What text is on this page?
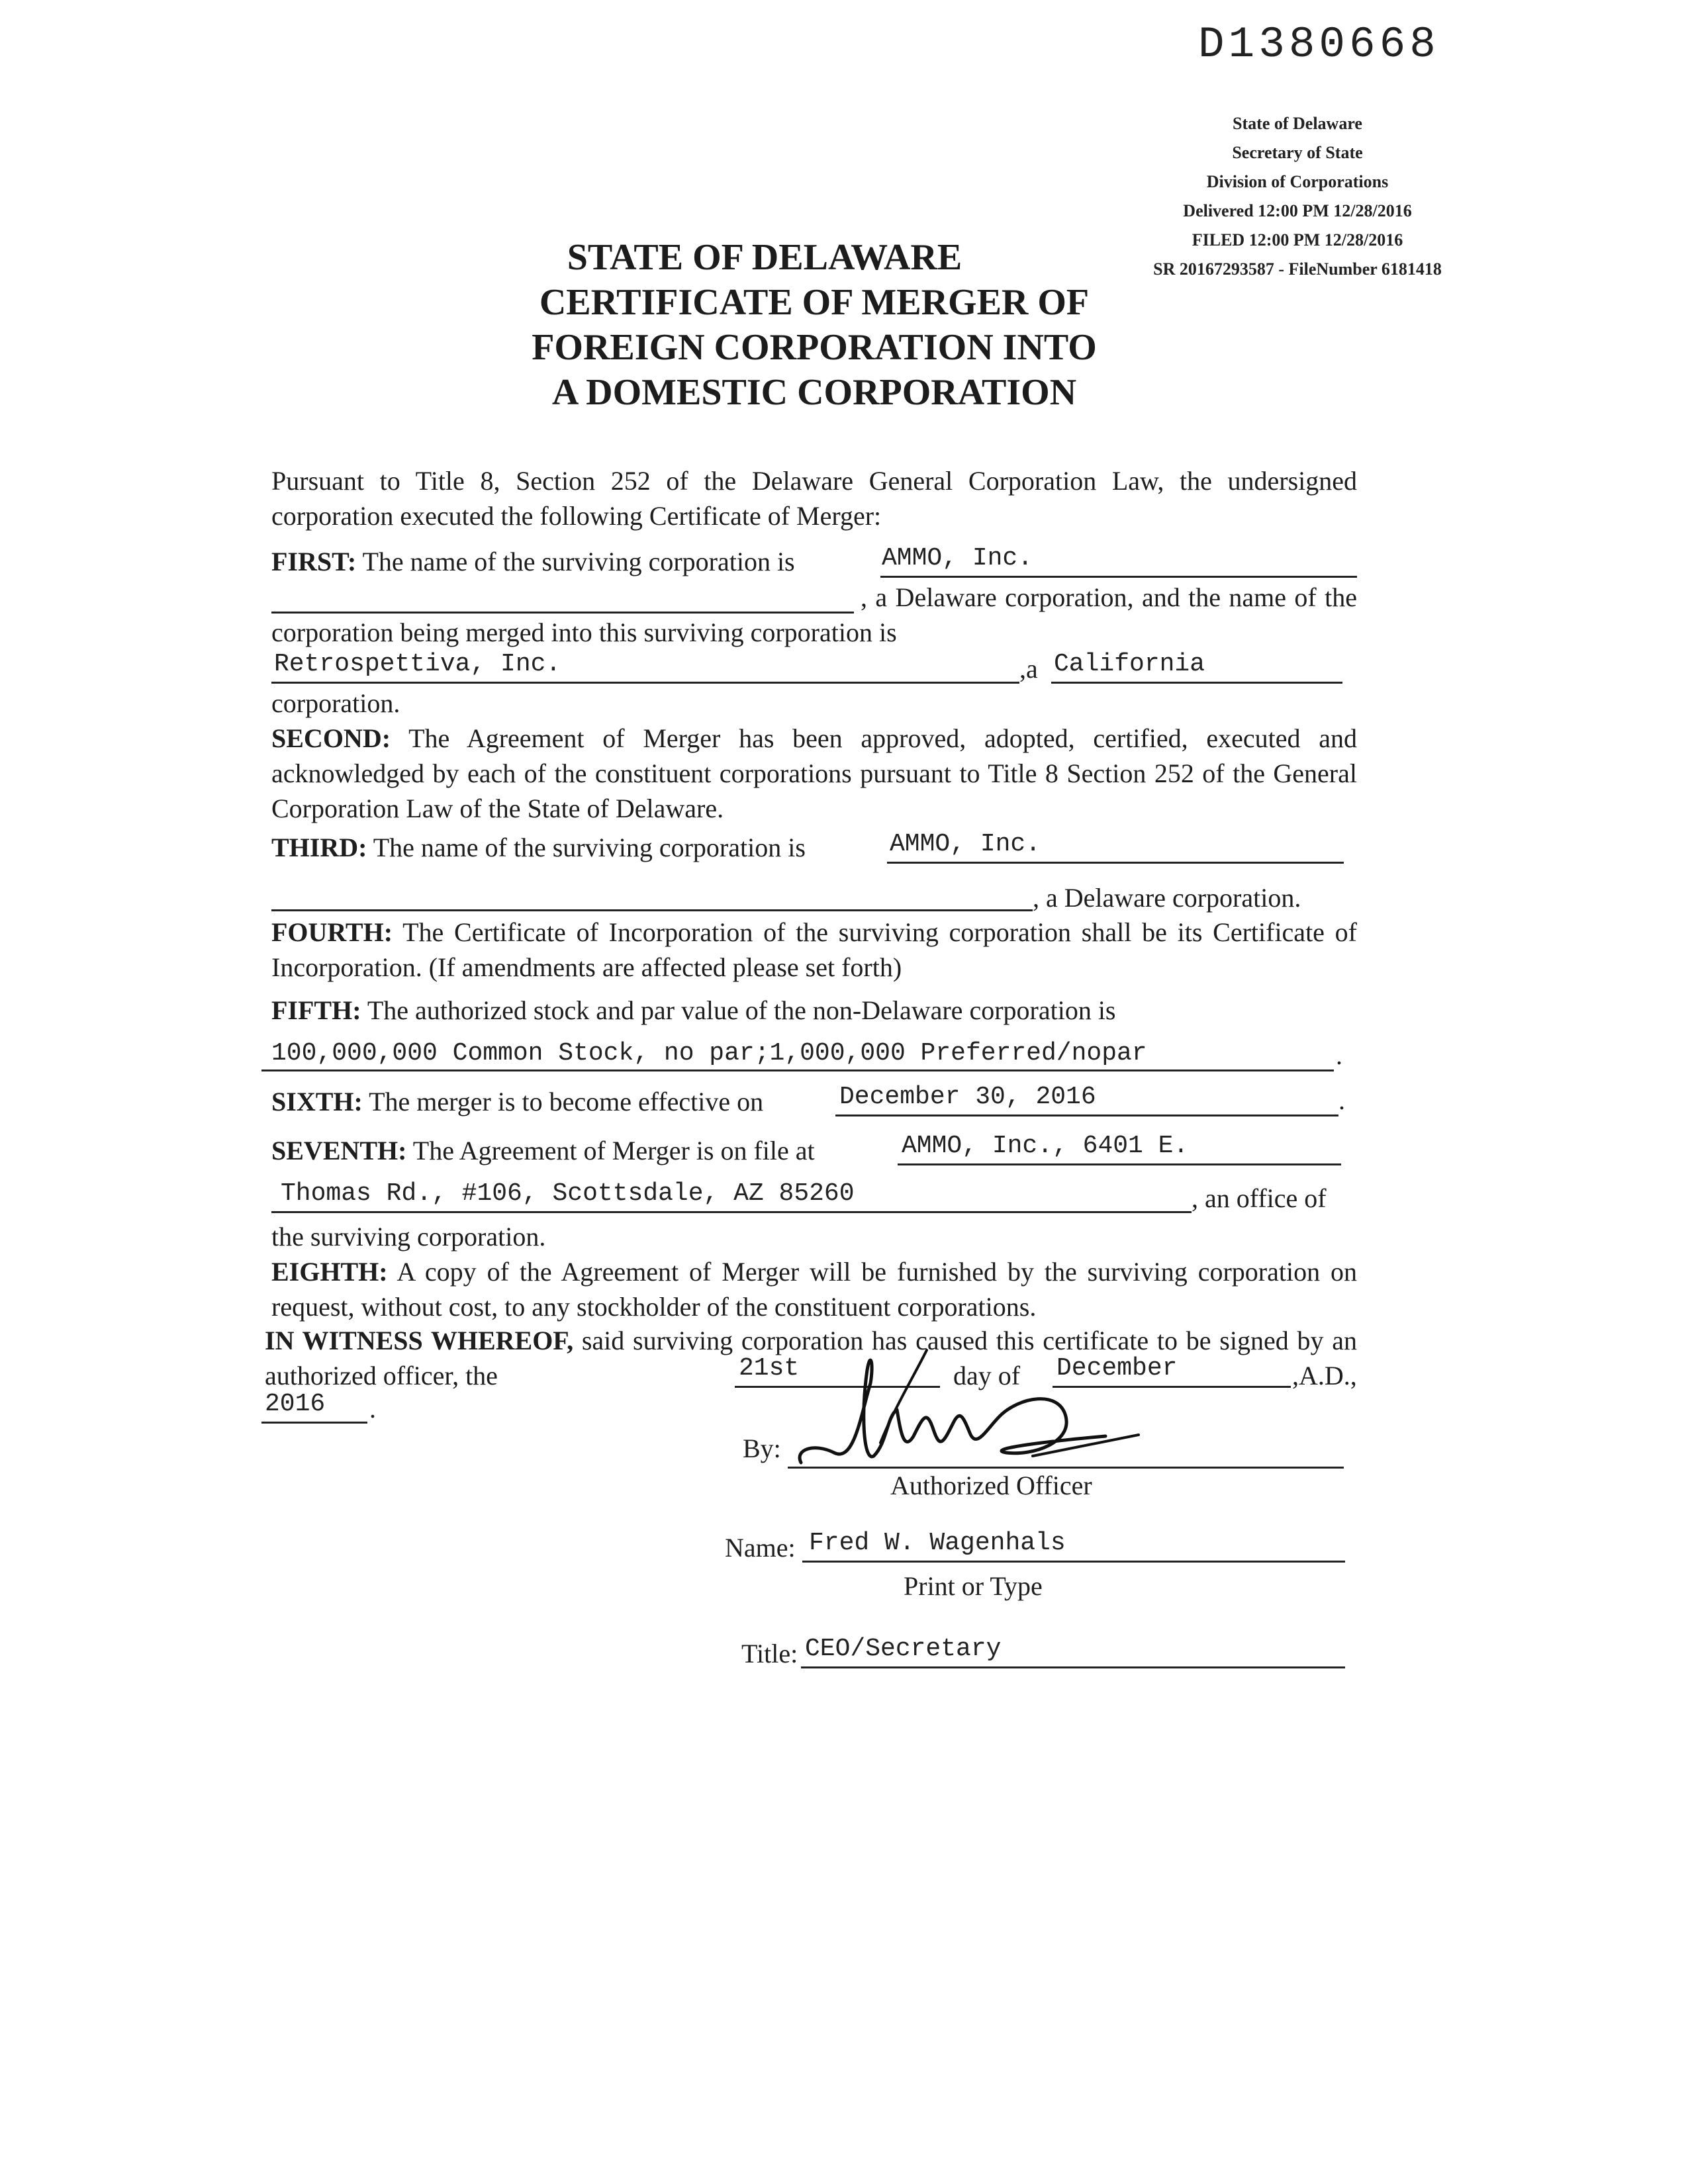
D1380668
State of Delaware
Secretary of State
Division of Corporations
Delivered 12:00 PM 12/28/2016
FILED 12:00 PM 12/28/2016
SR 20167293587 - FileNumber 6181418
STATE OF DELAWARE
CERTIFICATE OF MERGER OF
FOREIGN CORPORATION INTO
A DOMESTIC CORPORATION
Pursuant to Title 8, Section 252 of the Delaware General Corporation Law, the undersigned corporation executed the following Certificate of Merger:
FIRST: The name of the surviving corporation is	AMMO, Inc.
, a Delaware corporation, and the name of the corporation being merged into this surviving corporation is
Retrospettiva, Inc.	,a California
corporation.
SECOND: The Agreement of Merger has been approved, adopted, certified, executed and acknowledged by each of the constituent corporations pursuant to Title 8 Section 252 of the General Corporation Law of the State of Delaware.
THIRD: The name of the surviving corporation is	AMMO, Inc.
, a Delaware corporation.
FOURTH: The Certificate of Incorporation of the surviving corporation shall be its Certificate of Incorporation. (If amendments are affected please set forth)
FIFTH: The authorized stock and par value of the non-Delaware corporation is
100,000,000 Common Stock, no par;1,000,000 Preferred/nopar	.
SIXTH: The merger is to become effective on	December 30, 2016	.
SEVENTH: The Agreement of Merger is on file at	AMMO, Inc., 6401 E.
Thomas Rd., #106, Scottsdale, AZ 85260	, an office of
the surviving corporation.
EIGHTH: A copy of the Agreement of Merger will be furnished by the surviving corporation on request, without cost, to any stockholder of the constituent corporations.
IN WITNESS WHEREOF, said surviving corporation has caused this certificate to be signed by an authorized officer, the	21st	day of December	,A.D.,
2016 .
By:
Authorized Officer
Name: Fred W. Wagenhals
Print or Type
Title: CEO/Secretary
